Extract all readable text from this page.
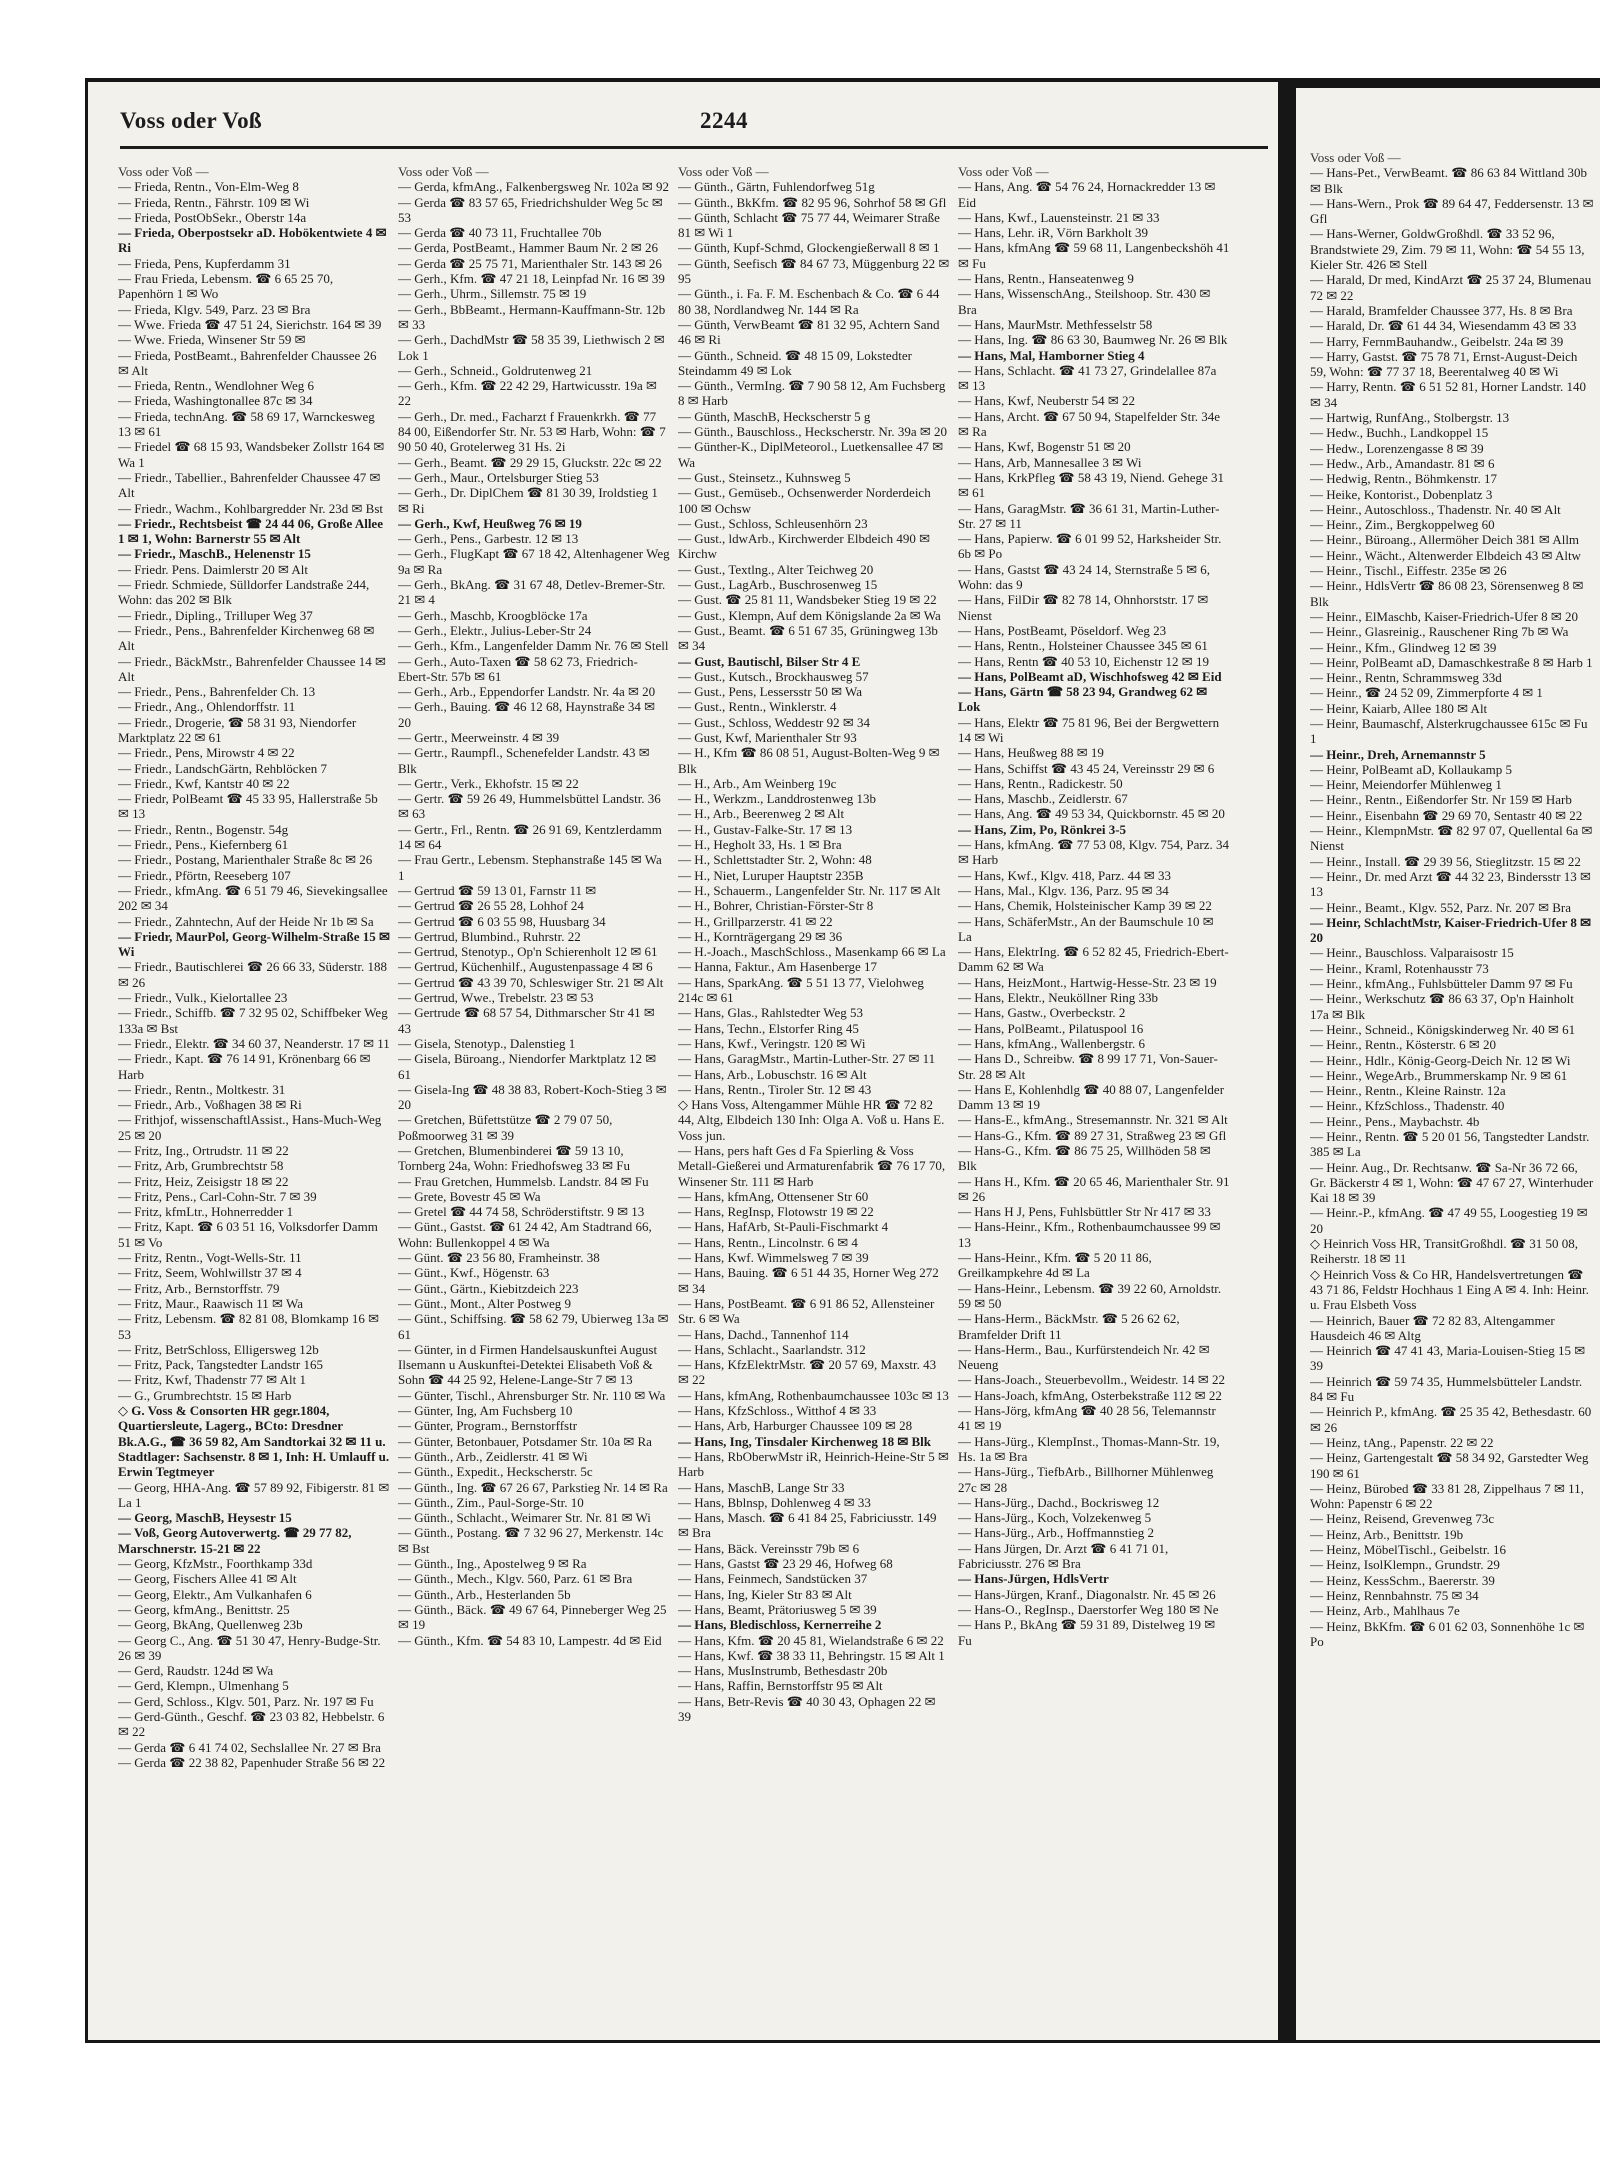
Voss oder Voß	2244

Voss oder Voß —

— Frieda, Rentn., Von-Elm-Weg 8

— Frieda, Rentn., Fährstr. 109 ✉ Wi

— Frieda, PostObSekr., Oberstr 14a

— Frieda, Oberpostsekr aD. Hobökentwiete 4 ✉ Ri

— Frieda, Pens, Kupferdamm 31

— Frau Frieda, Lebensm. ☎ 6 65 25 70, Papenhörn 1 ✉ Wo

— Frieda, Klgv. 549, Parz. 23 ✉ Bra

— Wwe. Frieda ☎ 47 51 24, Sierichstr. 164 ✉ 39

— Wwe. Frieda, Winsener Str 59 ✉

— Frieda, PostBeamt., Bahrenfelder Chaussee 26 ✉ Alt

— Frieda, Rentn., Wendlohner Weg 6

— Frieda, Washingtonallee 87c ✉ 34

— Frieda, technAng. ☎ 58 69 17, Warnckesweg 13 ✉ 61

— Friedel ☎ 68 15 93, Wandsbeker Zollstr 164 ✉ Wa 1

— Friedr., Tabellier., Bahrenfelder Chaussee 47 ✉ Alt

— Friedr., Wachm., Kohlbargredder Nr. 23d ✉ Bst

— Friedr., Rechtsbeist ☎ 24 44 06, Große Allee 1 ✉ 1, Wohn: Barnerstr 55 ✉ Alt

— Friedr., MaschB., Helenenstr 15

— Friedr. Pens. Daimlerstr 20 ✉ Alt

— Friedr. Schmiede, Sülldorfer Landstraße 244, Wohn: das 202 ✉ Blk

— Friedr., Dipling., Trilluper Weg 37

— Friedr., Pens., Bahrenfelder Kirchenweg 68 ✉ Alt

— Friedr., BäckMstr., Bahrenfelder Chaussee 14 ✉ Alt

— Friedr., Pens., Bahrenfelder Ch. 13

— Friedr., Ang., Ohlendorffstr. 11

— Friedr., Drogerie, ☎ 58 31 93, Niendorfer Marktplatz 22 ✉ 61

— Friedr., Pens, Mirowstr 4 ✉ 22

— Friedr., LandschGärtn, Rehblöcken 7

— Friedr., Kwf, Kantstr 40 ✉ 22

— Friedr, PolBeamt ☎ 45 33 95, Hallerstraße 5b ✉ 13

— Friedr., Rentn., Bogenstr. 54g

— Friedr., Pens., Kiefernberg 61

— Friedr., Postang, Marienthaler Straße 8c ✉ 26

— Friedr., Pförtn, Reeseberg 107

— Friedr., kfmAng. ☎ 6 51 79 46, Sievekingsallee 202 ✉ 34

— Friedr., Zahntechn, Auf der Heide Nr 1b ✉ Sa

— Friedr, MaurPol, Georg-Wilhelm-Straße 15 ✉ Wi

— Friedr., Bautischlerei ☎ 26 66 33, Süderstr. 188 ✉ 26

— Friedr., Vulk., Kielortallee 23

— Friedr., Schiffb. ☎ 7 32 95 02, Schiffbeker Weg 133a ✉ Bst

— Friedr., Elektr. ☎ 34 60 37, Neanderstr. 17 ✉ 11

— Friedr., Kapt. ☎ 76 14 91, Krönenbarg 66 ✉ Harb

— Friedr., Rentn., Moltkestr. 31

— Friedr., Arb., Voßhagen 38 ✉ Ri

— Frithjof, wissenschaftlAssist., Hans-Much-Weg 25 ✉ 20

— Fritz, Ing., Ortrudstr. 11 ✉ 22

— Fritz, Arb, Grumbrechtstr 58

— Fritz, Heiz, Zeisigstr 18 ✉ 22

— Fritz, Pens., Carl-Cohn-Str. 7 ✉ 39

— Fritz, kfmLtr., Hohnerredder 1

— Fritz, Kapt. ☎ 6 03 51 16, Volksdorfer Damm 51 ✉ Vo

— Fritz, Rentn., Vogt-Wells-Str. 11

— Fritz, Seem, Wohlwillstr 37 ✉ 4

— Fritz, Arb., Bernstorffstr. 79

— Fritz, Maur., Raawisch 11 ✉ Wa

— Fritz, Lebensm. ☎ 82 81 08, Blomkamp 16 ✉ 53

— Fritz, BetrSchloss, Elligersweg 12b

— Fritz, Pack, Tangstedter Landstr 165

— Fritz, Kwf, Thadenstr 77 ✉ Alt 1

— G., Grumbrechtstr. 15 ✉ Harb

◇ G. Voss & Consorten HR gegr.1804, Quartiersleute, Lagerg., BCto: Dresdner Bk.A.G., ☎ 36 59 82, Am Sandtorkai 32 ✉ 11 u. Stadtlager: Sachsenstr. 8 ✉ 1, Inh: H. Umlauff u. Erwin Tegtmeyer

— Georg, HHA-Ang. ☎ 57 89 92, Fibigerstr. 81 ✉ La 1

— Georg, MaschB, Heysestr 15

— Voß, Georg Autoverwertg. ☎ 29 77 82, Marschnerstr. 15-21 ✉ 22

— Georg, KfzMstr., Foorthkamp 33d

— Georg, Fischers Allee 41 ✉ Alt

— Georg, Elektr., Am Vulkanhafen 6

— Georg, kfmAng., Benittstr. 25

— Georg, BkAng, Quellenweg 23b

— Georg C., Ang. ☎ 51 30 47, Henry-Budge-Str. 26 ✉ 39

— Gerd, Raudstr. 124d ✉ Wa

— Gerd, Klempn., Ulmenhang 5

— Gerd, Schloss., Klgv. 501, Parz. Nr. 197 ✉ Fu

— Gerd-Günth., Geschf. ☎ 23 03 82, Hebbelstr. 6 ✉ 22

— Gerda ☎ 6 41 74 02, Sechslallee Nr. 27 ✉ Bra

— Gerda ☎ 22 38 82, Papenhuder Straße 56 ✉ 22

Voss oder Voß —

— Gerda, kfmAng., Falkenbergsweg Nr. 102a ✉ 92

— Gerda ☎ 83 57 65, Friedrichshulder Weg 5c ✉ 53

— Gerda ☎ 40 73 11, Fruchtallee 70b

— Gerda, PostBeamt., Hammer Baum Nr. 2 ✉ 26

— Gerda ☎ 25 75 71, Marienthaler Str. 143 ✉ 26

— Gerh., Kfm. ☎ 47 21 18, Leinpfad Nr. 16 ✉ 39

— Gerh., Uhrm., Sillemstr. 75 ✉ 19

— Gerh., BbBeamt., Hermann-Kauffmann-Str. 12b ✉ 33

— Gerh., DachdMstr ☎ 58 35 39, Liethwisch 2 ✉ Lok 1

— Gerh., Schneid., Goldrutenweg 21

— Gerh., Kfm. ☎ 22 42 29, Hartwicusstr. 19a ✉ 22

— Gerh., Dr. med., Facharzt f Frauenkrkh. ☎ 77 84 00, Eißendorfer Str. Nr. 53 ✉ Harb, Wohn: ☎ 7 90 50 40, Grotelerweg 31 Hs. 2i

— Gerh., Beamt. ☎ 29 29 15, Gluckstr. 22c ✉ 22

— Gerh., Maur., Ortelsburger Stieg 53

— Gerh., Dr. DiplChem ☎ 81 30 39, Iroldstieg 1 ✉ Ri

— Gerh., Kwf, Heußweg 76 ✉ 19

— Gerh., Pens., Garbestr. 12 ✉ 13

— Gerh., FlugKapt ☎ 67 18 42, Altenhagener Weg 9a ✉ Ra

— Gerh., BkAng. ☎ 31 67 48, Detlev-Bremer-Str. 21 ✉ 4

— Gerh., Maschb, Kroogblöcke 17a

— Gerh., Elektr., Julius-Leber-Str 24

— Gerh., Kfm., Langenfelder Damm Nr. 76 ✉ Stell

— Gerh., Auto-Taxen ☎ 58 62 73, Friedrich-Ebert-Str. 57b ✉ 61

— Gerh., Arb., Eppendorfer Landstr. Nr. 4a ✉ 20

— Gerh., Bauing. ☎ 46 12 68, Haynstraße 34 ✉ 20

— Gertr., Meerweinstr. 4 ✉ 39

— Gertr., Raumpfl., Schenefelder Landstr. 43 ✉ Blk

— Gertr., Verk., Ekhofstr. 15 ✉ 22

— Gertr. ☎ 59 26 49, Hummelsbüttel Landstr. 36 ✉ 63

— Gertr., Frl., Rentn. ☎ 26 91 69, Kentzlerdamm 14 ✉ 64

— Frau Gertr., Lebensm. Stephanstraße 145 ✉ Wa 1

— Gertrud ☎ 59 13 01, Farnstr 11 ✉

— Gertrud ☎ 26 55 28, Lohhof 24

— Gertrud ☎ 6 03 55 98, Huusbarg 34

— Gertrud, Blumbind., Ruhrstr. 22

— Gertrud, Stenotyp., Op'n Schierenholt 12 ✉ 61

— Gertrud, Küchenhilf., Augustenpassage 4 ✉ 6

— Gertrud ☎ 43 39 70, Schleswiger Str. 21 ✉ Alt

— Gertrud, Wwe., Trebelstr. 23 ✉ 53

— Gertrude ☎ 68 57 54, Dithmarscher Str 41 ✉ 43

— Gisela, Stenotyp., Dalenstieg 1

— Gisela, Büroang., Niendorfer Marktplatz 12 ✉ 61

— Gisela-Ing ☎ 48 38 83, Robert-Koch-Stieg 3 ✉ 20

— Gretchen, Büfettstütze ☎ 2 79 07 50, Poßmoorweg 31 ✉ 39

— Gretchen, Blumenbinderei ☎ 59 13 10, Tornberg 24a, Wohn: Friedhofsweg 33 ✉ Fu

— Frau Gretchen, Hummelsb. Landstr. 84 ✉ Fu

— Grete, Bovestr 45 ✉ Wa

— Gretel ☎ 44 74 58, Schröderstiftstr. 9 ✉ 13

— Günt., Gastst. ☎ 61 24 42, Am Stadtrand 66, Wohn: Bullenkoppel 4 ✉ Wa

— Günt. ☎ 23 56 80, Framheinstr. 38

— Günt., Kwf., Högenstr. 63

— Günt., Gärtn., Kiebitzdeich 223

— Günt., Mont., Alter Postweg 9

— Günt., Schiffsing. ☎ 58 62 79, Ubierweg 13a ✉ 61

— Günter, in d Firmen Handelsauskunftei August Ilsemann u Auskunftei-Detektei Elisabeth Voß & Sohn ☎ 44 25 92, Helene-Lange-Str 7 ✉ 13

— Günter, Tischl., Ahrensburger Str. Nr. 110 ✉ Wa

— Günter, Ing, Am Fuchsberg 10

— Günter, Program., Bernstorffstr

— Günter, Betonbauer, Potsdamer Str. 10a ✉ Ra

— Günth., Arb., Zeidlerstr. 41 ✉ Wi

— Günth., Expedit., Heckscherstr. 5c

— Günth., Ing. ☎ 67 26 67, Parkstieg Nr. 14 ✉ Ra

— Günth., Zim., Paul-Sorge-Str. 10

— Günth., Schlacht., Weimarer Str. Nr. 81 ✉ Wi

— Günth., Postang. ☎ 7 32 96 27, Merkenstr. 14c ✉ Bst

— Günth., Ing., Apostelweg 9 ✉ Ra

— Günth., Mech., Klgv. 560, Parz. 61 ✉ Bra

— Günth., Arb., Hesterlanden 5b

— Günth., Bäck. ☎ 49 67 64, Pinneberger Weg 25 ✉ 19

— Günth., Kfm. ☎ 54 83 10, Lampestr. 4d ✉ Eid

Voss oder Voß —

— Günth., Gärtn, Fuhlendorfweg 51g

— Günth., BkKfm. ☎ 82 95 96, Sohrhof 58 ✉ Gfl

— Günth, Schlacht ☎ 75 77 44, Weimarer Straße 81 ✉ Wi 1

— Günth, Kupf-Schmd, Glockengießerwall 8 ✉ 1

— Günth, Seefisch ☎ 84 67 73, Müggenburg 22 ✉ 95

— Günth., i. Fa. F. M. Eschenbach & Co. ☎ 6 44 80 38, Nordlandweg Nr. 144 ✉ Ra

— Günth, VerwBeamt ☎ 81 32 95, Achtern Sand 46 ✉ Ri

— Günth., Schneid. ☎ 48 15 09, Lokstedter Steindamm 49 ✉ Lok

— Günth., VermIng. ☎ 7 90 58 12, Am Fuchsberg 8 ✉ Harb

— Günth, MaschB, Heckscherstr 5 g

— Günth., Bauschloss., Heckscherstr. Nr. 39a ✉ 20

— Günther-K., DiplMeteorol., Luetkensallee 47 ✉ Wa

— Gust., Steinsetz., Kuhnsweg 5

— Gust., Gemüseb., Ochsenwerder Norderdeich 100 ✉ Ochsw

— Gust., Schloss, Schleusenhörn 23

— Gust., ldwArb., Kirchwerder Elbdeich 490 ✉ Kirchw

— Gust., Textlng., Alter Teichweg 20

— Gust., LagArb., Buschrosenweg 15

— Gust. ☎ 25 81 11, Wandsbeker Stieg 19 ✉ 22

— Gust., Klempn, Auf dem Königslande 2a ✉ Wa

— Gust., Beamt. ☎ 6 51 67 35, Grüningweg 13b ✉ 34

— Gust, Bautischl, Bilser Str 4 E

— Gust., Kutsch., Brockhausweg 57

— Gust., Pens, Lessersstr 50 ✉ Wa

— Gust., Rentn., Winklerstr. 4

— Gust., Schloss, Weddestr 92 ✉ 34

— Gust, Kwf, Marienthaler Str 93

— H., Kfm ☎ 86 08 51, August-Bolten-Weg 9 ✉ Blk

— H., Arb., Am Weinberg 19c

— H., Werkzm., Landdrostenweg 13b

— H., Arb., Beerenweg 2 ✉ Alt

— H., Gustav-Falke-Str. 17 ✉ 13

— H., Hegholt 33, Hs. 1 ✉ Bra

— H., Schlettstadter Str. 2, Wohn: 48

— H., Niet, Luruper Hauptstr 235B

— H., Schauerm., Langenfelder Str. Nr. 117 ✉ Alt

— H., Bohrer, Christian-Förster-Str 8

— H., Grillparzerstr. 41 ✉ 22

— H., Kornträgergang 29 ✉ 36

— H.-Joach., MaschSchloss., Masenkamp 66 ✉ La

— Hanna, Faktur., Am Hasenberge 17

— Hans, SparkAng. ☎ 5 51 13 77, Vielohweg 214c ✉ 61

— Hans, Glas., Rahlstedter Weg 53

— Hans, Techn., Elstorfer Ring 45

— Hans, Kwf., Veringstr. 120 ✉ Wi

— Hans, GaragMstr., Martin-Luther-Str. 27 ✉ 11

— Hans, Arb., Lobuschstr. 16 ✉ Alt

— Hans, Rentn., Tiroler Str. 12 ✉ 43

◇ Hans Voss, Altengammer Mühle HR ☎ 72 82 44, Altg, Elbdeich 130 Inh: Olga A. Voß u. Hans E. Voss jun.

— Hans, pers haft Ges d Fa Spierling & Voss Metall-Gießerei und Armaturenfabrik ☎ 76 17 70, Winsener Str. 111 ✉ Harb

— Hans, kfmAng, Ottensener Str 60

— Hans, RegInsp, Flotowstr 19 ✉ 22

— Hans, HafArb, St-Pauli-Fischmarkt 4

— Hans, Rentn., Lincolnstr. 6 ✉ 4

— Hans, Kwf. Wimmelsweg 7 ✉ 39

— Hans, Bauing. ☎ 6 51 44 35, Horner Weg 272 ✉ 34

— Hans, PostBeamt. ☎ 6 91 86 52, Allensteiner Str. 6 ✉ Wa

— Hans, Dachd., Tannenhof 114

— Hans, Schlacht., Saarlandstr. 312

— Hans, KfzElektrMstr. ☎ 20 57 69, Maxstr. 43 ✉ 22

— Hans, kfmAng, Rothenbaumchaussee 103c ✉ 13

— Hans, KfzSchloss., Witthof 4 ✉ 33

— Hans, Arb, Harburger Chaussee 109 ✉ 28

— Hans, Ing, Tinsdaler Kirchenweg 18 ✉ Blk

— Hans, RbOberwMstr iR, Heinrich-Heine-Str 5 ✉ Harb

— Hans, MaschB, Lange Str 33

— Hans, Bblnsp, Dohlenweg 4 ✉ 33

— Hans, Masch. ☎ 6 41 84 25, Fabriciusstr. 149 ✉ Bra

— Hans, Bäck. Vereinsstr 79b ✉ 6

— Hans, Gastst ☎ 23 29 46, Hofweg 68

— Hans, Feinmech, Sandstücken 37

— Hans, Ing, Kieler Str 83 ✉ Alt

— Hans, Beamt, Prätoriusweg 5 ✉ 39

— Hans, Bledischloss, Kernerreihe 2

— Hans, Kfm. ☎ 20 45 81, Wielandstraße 6 ✉ 22

— Hans, Kwf. ☎ 38 33 11, Behringstr. 15 ✉ Alt 1

— Hans, MusInstrumb, Bethesdastr 20b

— Hans, Raffin, Bernstorffstr 95 ✉ Alt

— Hans, Betr-Revis ☎ 40 30 43, Ophagen 22 ✉ 39

Voss oder Voß —

— Hans, Ang. ☎ 54 76 24, Hornackredder 13 ✉ Eid

— Hans, Kwf., Lauensteinstr. 21 ✉ 33

— Hans, Lehr. iR, Vörn Barkholt 39

— Hans, kfmAng ☎ 59 68 11, Langenbeckshöh 41 ✉ Fu

— Hans, Rentn., Hanseatenweg 9

— Hans, WissenschAng., Steilshoop. Str. 430 ✉ Bra

— Hans, MaurMstr. Methfesselstr 58

— Hans, Ing. ☎ 86 63 30, Baumweg Nr. 26 ✉ Blk

— Hans, Mal, Hamborner Stieg 4

— Hans, Schlacht. ☎ 41 73 27, Grindelallee 87a ✉ 13

— Hans, Kwf, Neuberstr 54 ✉ 22

— Hans, Archt. ☎ 67 50 94, Stapelfelder Str. 34e ✉ Ra

— Hans, Kwf, Bogenstr 51 ✉ 20

— Hans, Arb, Mannesallee 3 ✉ Wi

— Hans, KrkPfleg ☎ 58 43 19, Niend. Gehege 31 ✉ 61

— Hans, GaragMstr. ☎ 36 61 31, Martin-Luther-Str. 27 ✉ 11

— Hans, Papierw. ☎ 6 01 99 52, Harksheider Str. 6b ✉ Po

— Hans, Gastst ☎ 43 24 14, Sternstraße 5 ✉ 6, Wohn: das 9

— Hans, FilDir ☎ 82 78 14, Ohnhorststr. 17 ✉ Nienst

— Hans, PostBeamt, Pöseldorf. Weg 23

— Hans, Rentn., Holsteiner Chaussee 345 ✉ 61

— Hans, Rentn ☎ 40 53 10, Eichenstr 12 ✉ 19

— Hans, PolBeamt aD, Wischhofsweg 42 ✉ Eid

— Hans, Gärtn ☎ 58 23 94, Grandweg 62 ✉ Lok

— Hans, Elektr ☎ 75 81 96, Bei der Bergwettern 14 ✉ Wi

— Hans, Heußweg 88 ✉ 19

— Hans, Schiffst ☎ 43 45 24, Vereinsstr 29 ✉ 6

— Hans, Rentn., Radickestr. 50

— Hans, Maschb., Zeidlerstr. 67

— Hans, Ang. ☎ 49 53 34, Quickbornstr. 45 ✉ 20

— Hans, Zim, Po, Rönkrei 3-5

— Hans, kfmAng. ☎ 77 53 08, Klgv. 754, Parz. 34 ✉ Harb

— Hans, Kwf., Klgv. 418, Parz. 44 ✉ 33

— Hans, Mal., Klgv. 136, Parz. 95 ✉ 34

— Hans, Chemik, Holsteinischer Kamp 39 ✉ 22

— Hans, SchäferMstr., An der Baumschule 10 ✉ La

— Hans, ElektrIng. ☎ 6 52 82 45, Friedrich-Ebert-Damm 62 ✉ Wa

— Hans, HeizMont., Hartwig-Hesse-Str. 23 ✉ 19

— Hans, Elektr., Neuköllner Ring 33b

— Hans, Gastw., Overbeckstr. 2

— Hans, PolBeamt., Pilatuspool 16

— Hans, kfmAng., Wallenbergstr. 6

— Hans D., Schreibw. ☎ 8 99 17 71, Von-Sauer-Str. 28 ✉ Alt

— Hans E, Kohlenhdlg ☎ 40 88 07, Langenfelder Damm 13 ✉ 19

— Hans-E., kfmAng., Stresemannstr. Nr. 321 ✉ Alt

— Hans-G., Kfm. ☎ 89 27 31, Straßweg 23 ✉ Gfl

— Hans-G., Kfm. ☎ 86 75 25, Willhöden 58 ✉ Blk

— Hans H., Kfm. ☎ 20 65 46, Marienthaler Str. 91 ✉ 26

— Hans H J, Pens, Fuhlsbüttler Str Nr 417 ✉ 33

— Hans-Heinr., Kfm., Rothenbaumchaussee 99 ✉ 13

— Hans-Heinr., Kfm. ☎ 5 20 11 86, Greilkampkehre 4d ✉ La

— Hans-Heinr., Lebensm. ☎ 39 22 60, Arnoldstr. 59 ✉ 50

— Hans-Herm., BäckMstr. ☎ 5 26 62 62, Bramfelder Drift 11

— Hans-Herm., Bau., Kurfürstendeich Nr. 42 ✉ Neueng

— Hans-Joach., Steuerbevollm., Weidestr. 14 ✉ 22

— Hans-Joach, kfmAng, Osterbekstraße 112 ✉ 22

— Hans-Jörg, kfmAng ☎ 40 28 56, Telemannstr 41 ✉ 19

— Hans-Jürg., KlempInst., Thomas-Mann-Str. 19, Hs. 1a ✉ Bra

— Hans-Jürg., TiefbArb., Billhorner Mühlenweg 27c ✉ 28

— Hans-Jürg., Dachd., Bockrisweg 12

— Hans-Jürg., Koch, Volzekenweg 5

— Hans-Jürg., Arb., Hoffmannstieg 2

— Hans Jürgen, Dr. Arzt ☎ 6 41 71 01, Fabriciusstr. 276 ✉ Bra

— Hans-Jürgen, HdlsVertr

— Hans-Jürgen, Kranf., Diagonalstr. Nr. 45 ✉ 26

— Hans-O., RegInsp., Daerstorfer Weg 180 ✉ Ne

— Hans P., BkAng ☎ 59 31 89, Distelweg 19 ✉ Fu

Voss oder Voß —

— Hans-Pet., VerwBeamt. ☎ 86 63 84 Wittland 30b ✉ Blk

— Hans-Wern., Prok ☎ 89 64 47, Feddersenstr. 13 ✉ Gfl

— Hans-Werner, GoldwGroßhdl. ☎ 33 52 96, Brandstwiete 29, Zim. 79 ✉ 11, Wohn: ☎ 54 55 13, Kieler Str. 426 ✉ Stell

— Harald, Dr med, KindArzt ☎ 25 37 24, Blumenau 72 ✉ 22

— Harald, Bramfelder Chaussee 377, Hs. 8 ✉ Bra

— Harald, Dr. ☎ 61 44 34, Wiesendamm 43 ✉ 33

— Harry, FernmBauhandw., Geibelstr. 24a ✉ 39

— Harry, Gastst. ☎ 75 78 71, Ernst-August-Deich 59, Wohn: ☎ 77 37 18, Beerentalweg 40 ✉ Wi

— Harry, Rentn. ☎ 6 51 52 81, Horner Landstr. 140 ✉ 34

— Hartwig, RunfAng., Stolbergstr. 13

— Hedw., Buchh., Landkoppel 15

— Hedw., Lorenzengasse 8 ✉ 39

— Hedw., Arb., Amandastr. 81 ✉ 6

— Hedwig, Rentn., Böhmkenstr. 17

— Heike, Kontorist., Dobenplatz 3

— Heinr., Autoschloss., Thadenstr. Nr. 40 ✉ Alt

— Heinr., Zim., Bergkoppelweg 60

— Heinr., Büroang., Allermöher Deich 381 ✉ Allm

— Heinr., Wächt., Altenwerder Elbdeich 43 ✉ Altw

— Heinr., Tischl., Eiffestr. 235e ✉ 26

— Heinr., HdlsVertr ☎ 86 08 23, Sörensenweg 8 ✉ Blk

— Heinr., ElMaschb, Kaiser-Friedrich-Ufer 8 ✉ 20

— Heinr., Glasreinig., Rauschener Ring 7b ✉ Wa

— Heinr., Kfm., Glindweg 12 ✉ 39

— Heinr, PolBeamt aD, Damaschkestraße 8 ✉ Harb 1

— Heinr., Rentn, Schrammsweg 33d

— Heinr., ☎ 24 52 09, Zimmerpforte 4 ✉ 1

— Heinr, Kaiarb, Allee 180 ✉ Alt

— Heinr, Baumaschf, Alsterkrugchaussee 615c ✉ Fu 1

— Heinr., Dreh, Arnemannstr 5

— Heinr, PolBeamt aD, Kollaukamp 5

— Heinr, Meiendorfer Mühlenweg 1

— Heinr., Rentn., Eißendorfer Str. Nr 159 ✉ Harb

— Heinr., Eisenbahn ☎ 29 69 70, Sentastr 40 ✉ 22

— Heinr., KlempnMstr. ☎ 82 97 07, Quellental 6a ✉ Nienst

— Heinr., Install. ☎ 29 39 56, Stieglitzstr. 15 ✉ 22

— Heinr., Dr. med Arzt ☎ 44 32 23, Bindersstr 13 ✉ 13

— Heinr., Beamt., Klgv. 552, Parz. Nr. 207 ✉ Bra

— Heinr, SchlachtMstr, Kaiser-Friedrich-Ufer 8 ✉ 20

— Heinr., Bauschloss. Valparaisostr 15

— Heinr., Kraml, Rotenhausstr 73

— Heinr., kfmAng., Fuhlsbütteler Damm 97 ✉ Fu

— Heinr., Werkschutz ☎ 86 63 37, Op'n Hainholt 17a ✉ Blk

— Heinr., Schneid., Königskinderweg Nr. 40 ✉ 61

— Heinr., Rentn., Kösterstr. 6 ✉ 20

— Heinr., Hdlr., König-Georg-Deich Nr. 12 ✉ Wi

— Heinr., WegeArb., Brummerskamp Nr. 9 ✉ 61

— Heinr., Rentn., Kleine Rainstr. 12a

— Heinr., KfzSchloss., Thadenstr. 40

— Heinr., Pens., Maybachstr. 4b

— Heinr., Rentn. ☎ 5 20 01 56, Tangstedter Landstr. 385 ✉ La

— Heinr. Aug., Dr. Rechtsanw. ☎ Sa-Nr 36 72 66, Gr. Bäckerstr 4 ✉ 1, Wohn: ☎ 47 67 27, Winterhuder Kai 18 ✉ 39

— Heinr.-P., kfmAng. ☎ 47 49 55, Loogestieg 19 ✉ 20

◇ Heinrich Voss HR, TransitGroßhdl. ☎ 31 50 08, Reiherstr. 18 ✉ 11

◇ Heinrich Voss & Co HR, Handelsvertretungen ☎ 43 71 86, Feldstr Hochhaus 1 Eing A ✉ 4. Inh: Heinr. u. Frau Elsbeth Voss

— Heinrich, Bauer ☎ 72 82 83, Altengammer Hausdeich 46 ✉ Altg

— Heinrich ☎ 47 41 43, Maria-Louisen-Stieg 15 ✉ 39

— Heinrich ☎ 59 74 35, Hummelsbütteler Landstr. 84 ✉ Fu

— Heinrich P., kfmAng. ☎ 25 35 42, Bethesdastr. 60 ✉ 26

— Heinz, tAng., Papenstr. 22 ✉ 22

— Heinz, Gartengestalt ☎ 58 34 92, Garstedter Weg 190 ✉ 61

— Heinz, Bürobed ☎ 33 81 28, Zippelhaus 7 ✉ 11, Wohn: Papenstr 6 ✉ 22

— Heinz, Reisend, Grevenweg 73c

— Heinz, Arb., Benittstr. 19b

— Heinz, MöbelTischl., Geibelstr. 16

— Heinz, IsolKlempn., Grundstr. 29

— Heinz, KessSchm., Baererstr. 39

— Heinz, Rennbahnstr. 75 ✉ 34

— Heinz, Arb., Mahlhaus 7e

— Heinz, BkKfm. ☎ 6 01 62 03, Sonnenhöhe 1c ✉ Po
